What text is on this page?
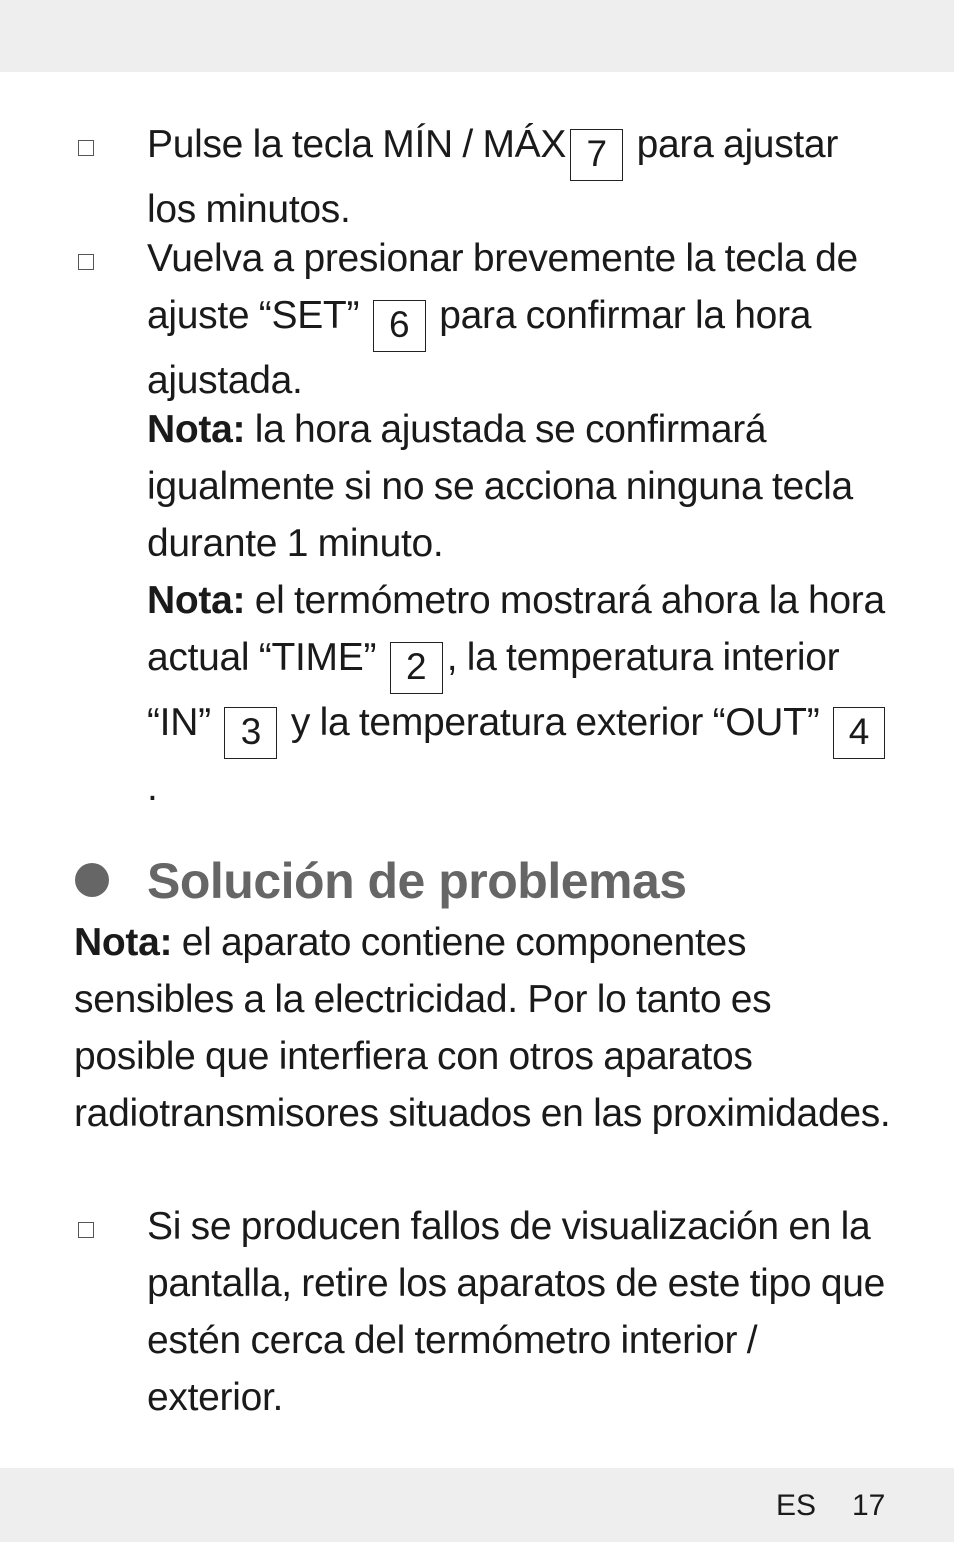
Pulse la tecla MÍN / MÁX 7 para ajustar los minutos.
Vuelva a presionar brevemente la tecla de ajuste “SET” 6 para confirmar la hora ajustada.
Nota: la hora ajustada se confirmará igualmente si no se acciona ninguna tecla durante 1 minuto.
Nota: el termómetro mostrará ahora la hora actual “TIME” 2 , la temperatura interior “IN” 3 y la temperatura exterior “OUT” 4.
Solución de problemas
Nota: el aparato contiene componentes sensibles a la electricidad. Por lo tanto es posible que interfiera con otros aparatos radiotransmisores situados en las proximidades.
Si se producen fallos de visualización en la pantalla, retire los aparatos de este tipo que estén cerca del termómetro interior / exterior.
ES 17
